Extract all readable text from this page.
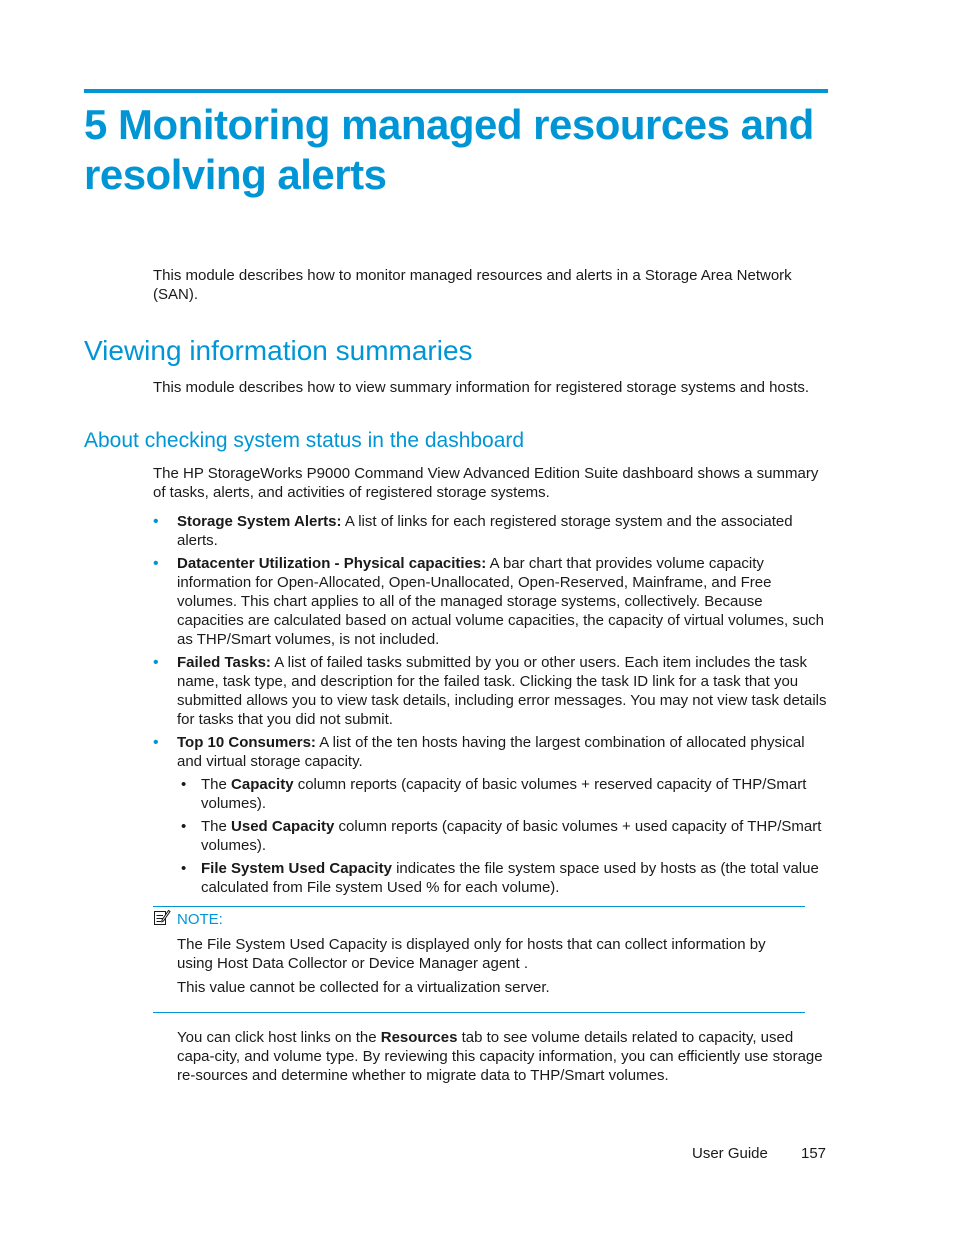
5 Monitoring managed resources and resolving alerts

This module describes how to monitor managed resources and alerts in a Storage Area Network (SAN).

Viewing information summaries

This module describes how to view summary information for registered storage systems and hosts.

About checking system status in the dashboard

The HP StorageWorks P9000 Command View Advanced Edition Suite dashboard shows a summary of tasks, alerts, and activities of registered storage systems.

• Storage System Alerts: A list of links for each registered storage system and the associated alerts.
• Datacenter Utilization - Physical capacities: A bar chart that provides volume capacity information for Open-Allocated, Open-Unallocated, Open-Reserved, Mainframe, and Free volumes. This chart applies to all of the managed storage systems, collectively. Because capacities are calculated based on actual volume capacities, the capacity of virtual volumes, such as THP/Smart volumes, is not included.
• Failed Tasks: A list of failed tasks submitted by you or other users. Each item includes the task name, task type, and description for the failed task. Clicking the task ID link for a task that you submitted allows you to view task details, including error messages. You may not view task details for tasks that you did not submit.
• Top 10 Consumers: A list of the ten hosts having the largest combination of allocated physical and virtual storage capacity.
• The Capacity column reports (capacity of basic volumes + reserved capacity of THP/Smart volumes).
• The Used Capacity column reports (capacity of basic volumes + used capacity of THP/Smart volumes).
• File System Used Capacity indicates the file system space used by hosts as (the total value calculated from File system Used % for each volume).
NOTE:

The File System Used Capacity is displayed only for hosts that can collect information by using Host Data Collector or Device Manager agent .

This value cannot be collected for a virtualization server.

You can click host links on the Resources tab to see volume details related to capacity, used capa-city, and volume type. By reviewing this capacity information, you can efficiently use storage re-sources and determine whether to migrate data to THP/Smart volumes.

User Guide 157
